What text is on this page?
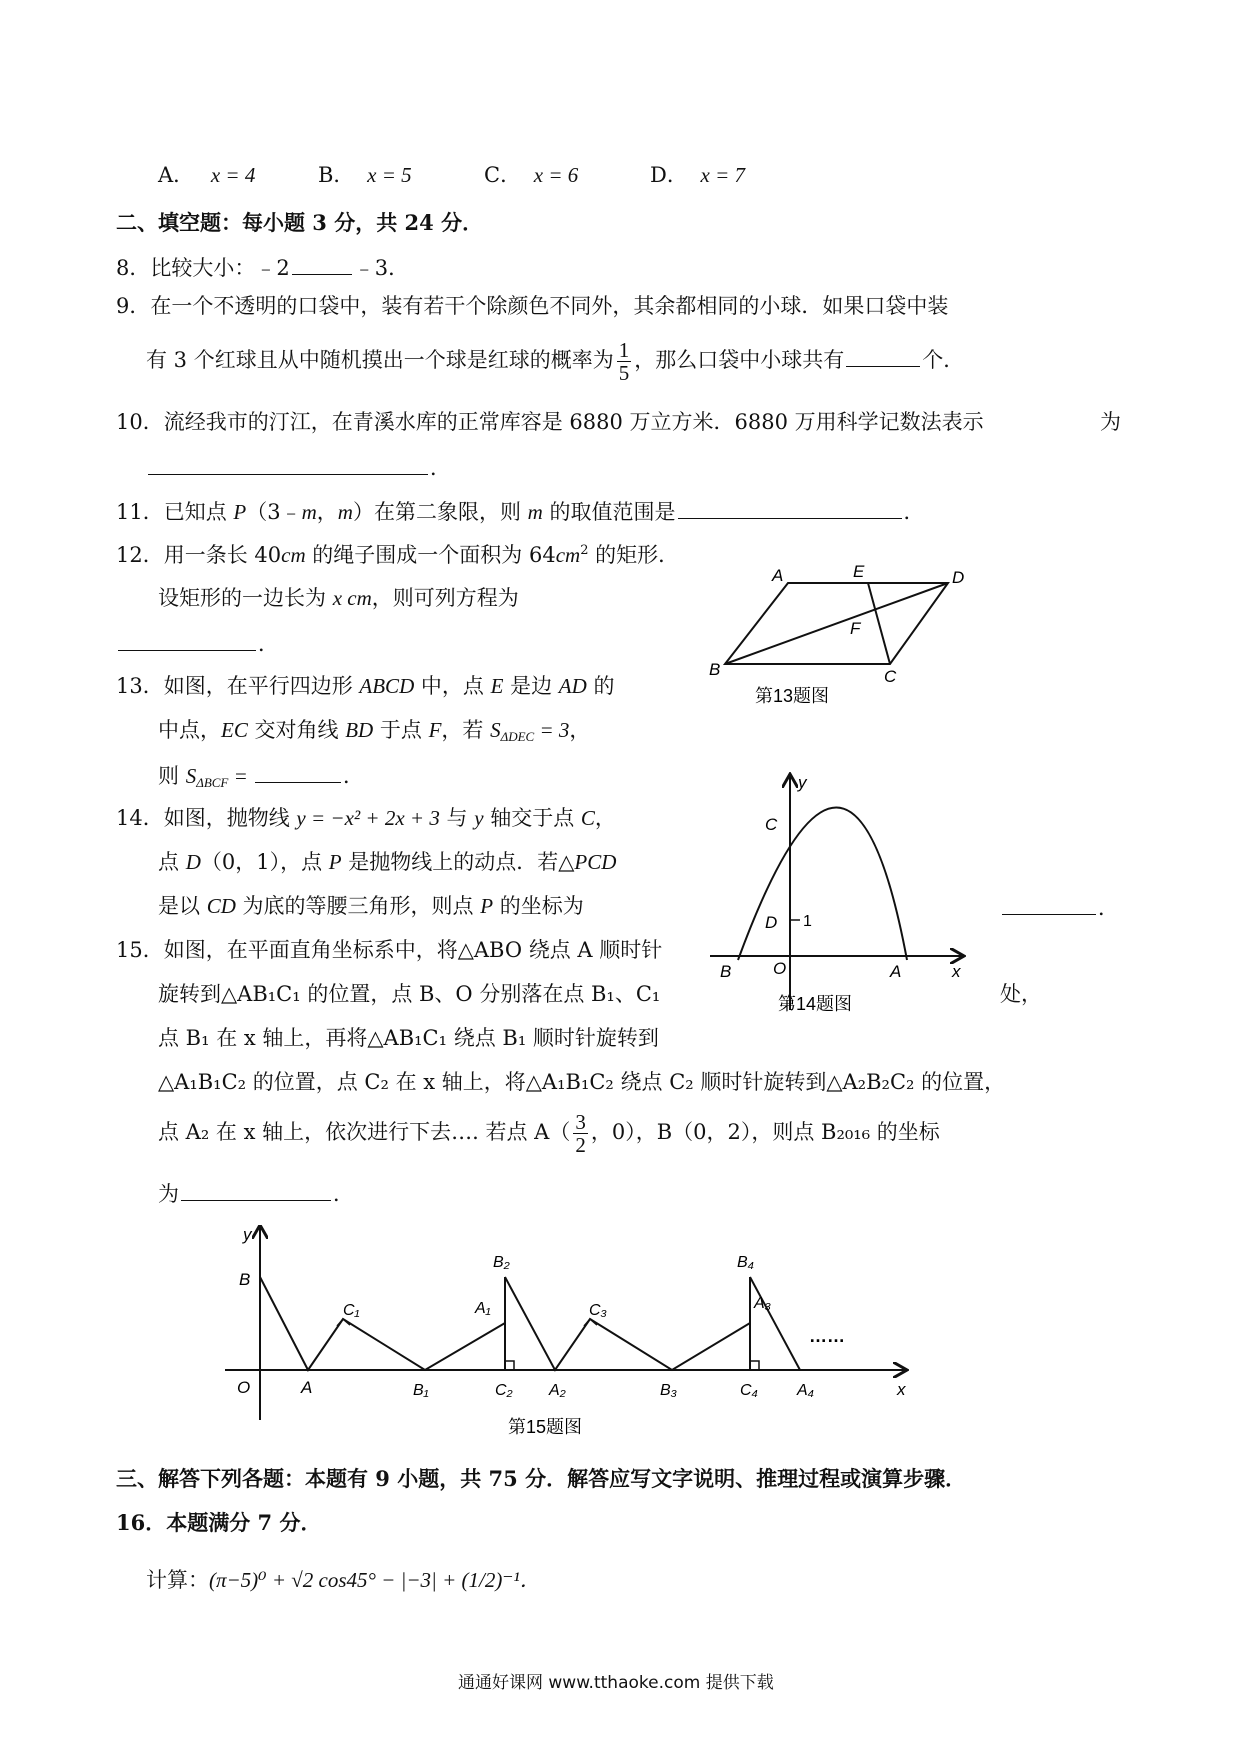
A． x = 4	B． x = 5	C． x = 6	D． x = 7
二、填空题：每小题 3 分，共 24 分．
8．比较大小：﹣2	﹣3．
9．在一个不透明的口袋中，装有若干个除颜色不同外，其余都相同的小球．如果口袋中装
有 3 个红球且从中随机摸出一个球是红球的概率为 $\frac{1}{5}$ ，那么口袋中小球共有	个．
10．流经我市的汀江，在青溪水库的正常库容是 6880 万立方米．6880 万用科学记数法表示	为
．
11．已知点 P（3﹣m，m）在第二象限，则 m 的取值范围是	．
12．用一条长 40cm 的绳子围成一个面积为 $64cm^2$ 的矩形．
设矩形的一边长为 x cm，则可列方程为
．
A	E	D
F
B	C
第13题图
13．如图，在平行四边形 ABCD 中，点 E 是边 AD 的
中点，EC 交对角线 BD 于点 F，若 $S_{\Delta DEC} = 3$，
则 $S_{\Delta BCF}$ =	．	y
C
D 1
B O	A	x
第14题图
14．如图，抛物线 y = −x² + 2x + 3 与 y 轴交于点 C，
点 D（0，1），点 P 是抛物线上的动点．若△PCD
是以 CD 为底的等腰三角形，则点 P 的坐标为	．
15．如图，在平面直角坐标系中，将△ABO 绕点 A 顺时针
旋转到△AB₁C₁ 的位置，点 B、O 分别落在点 B₁、C₁	处，
点 B₁ 在 x 轴上，再将△AB₁C₁ 绕点 B₁ 顺时针旋转到
△A₁B₁C₂ 的位置，点 C₂ 在 x 轴上，将△A₁B₁C₂ 绕点 C₂ 顺时针旋转到△A₂B₂C₂ 的位置，
点 A₂ 在 x 轴上，依次进行下去…. 若点 $A( \frac{3}{2}$ ，0），B（0，2），则点 B₂₀₁₆ 的坐标
为	．
y
B
O	A
C₁
B₁
A₁
B₂
C₂ A₂
C₃
B₃
B₄
A₃
C₄ A₄
……
x
第15题图
三、解答下列各题：本题有 9 小题，共 75 分．解答应写文字说明、推理过程或演算步骤．
16．本题满分 7 分．
计算：(π−5)⁰ + √2 cos45° − |−3| + (1/2)⁻¹．
通通好课网 www.tthaoke.com 提供下载
